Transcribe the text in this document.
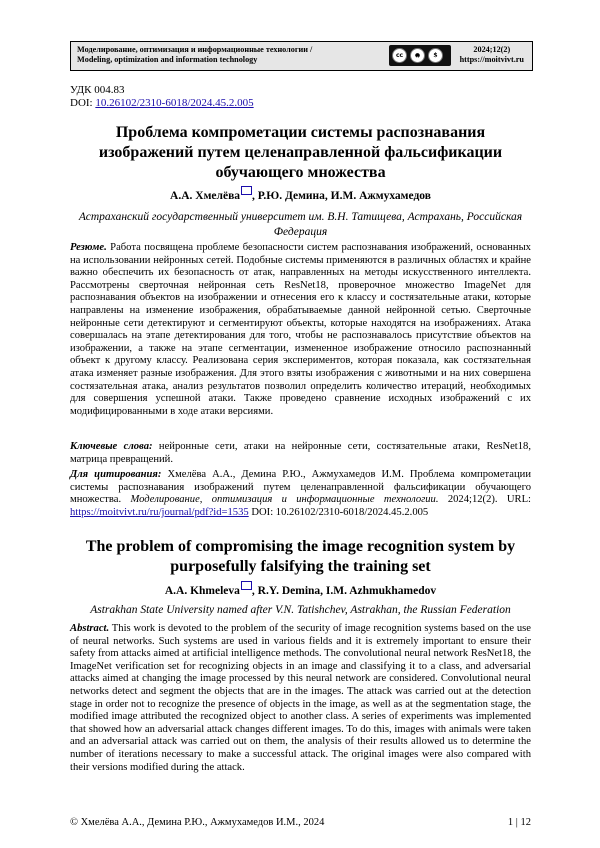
Моделирование, оптимизация и информационные технологии /
Modeling, optimization and information technology	cc	●	$
BY	NC
2024;12(2)
https://moitvivt.ru
УДК 004.83
DOI: 10.26102/2310-6018/2024.45.2.005
Проблема компрометации системы распознавания изображений путем целенаправленной фальсификации обучающего множества
А.А. Хмелёва , Р.Ю. Демина, И.М. Ажмухамедов
Астраханский государственный университет им. В.Н. Татищева, Астрахань, Российская Федерация
Резюме. Работа посвящена проблеме безопасности систем распознавания изображений, основанных на использовании нейронных сетей. Подобные системы применяются в различных областях и крайне важно обеспечить их безопасность от атак, направленных на методы искусственного интеллекта. Рассмотрены сверточная нейронная сеть ResNet18, проверочное множество ImageNet для распознавания объектов на изображении и отнесения его к классу и состязательные атаки, которые направлены на изменение изображения, обрабатываемые данной нейронной сетью. Сверточные нейронные сети детектируют и сегментируют объекты, которые находятся на изображениях. Атака совершалась на этапе детектирования для того, чтобы не распознавалось присутствие объектов на изображении, а также на этапе сегментации, измененное изображение относило распознанный объект к другому классу. Реализована серия экспериментов, которая показала, как состязательная атака изменяет разные изображения. Для этого взяты изображения с животными и на них совершена состязательная атака, анализ результатов позволил определить количество итераций, необходимых для совершения успешной атаки. Также проведено сравнение исходных изображений с их модифицированными в ходе атаки версиями.
Ключевые слова: нейронные сети, атаки на нейронные сети, состязательные атаки, ResNet18, матрица превращений.
Для цитирования: Хмелёва А.А., Демина Р.Ю., Ажмухамедов И.М. Проблема компрометации системы распознавания изображений путем целенаправленной фальсификации обучающего множества. Моделирование, оптимизация и информационные технологии. 2024;12(2). URL: https://moitvivt.ru/ru/journal/pdf?id=1535 DOI: 10.26102/2310-6018/2024.45.2.005
The problem of compromising the image recognition system by purposefully falsifying the training set
A.A. Khmeleva , R.Y. Demina, I.M. Azhmukhamedov
Astrakhan State University named after V.N. Tatishchev, Astrakhan, the Russian Federation
Abstract. This work is devoted to the problem of the security of image recognition systems based on the use of neural networks. Such systems are used in various fields and it is extremely important to ensure their safety from attacks aimed at artificial intelligence methods. The convolutional neural network ResNet18, the ImageNet verification set for recognizing objects in an image and classifying it to a class, and adversarial attacks aimed at changing the image processed by this neural network are considered. Convolutional neural networks detect and segment the objects that are in the images. The attack was carried out at the detection stage in order not to recognize the presence of objects in the image, as well as at the segmentation stage, the modified image attributed the recognized object to another class. A series of experiments was implemented that showed how an adversarial attack changes different images. To do this, images with animals were taken and an adversarial attack was carried out on them, the analysis of their results allowed us to determine the number of iterations necessary to make a successful attack. The original images were also compared with their versions modified during the attack.
© Хмелёва А.А., Демина Р.Ю., Ажмухамедов И.М., 2024	1 | 12
